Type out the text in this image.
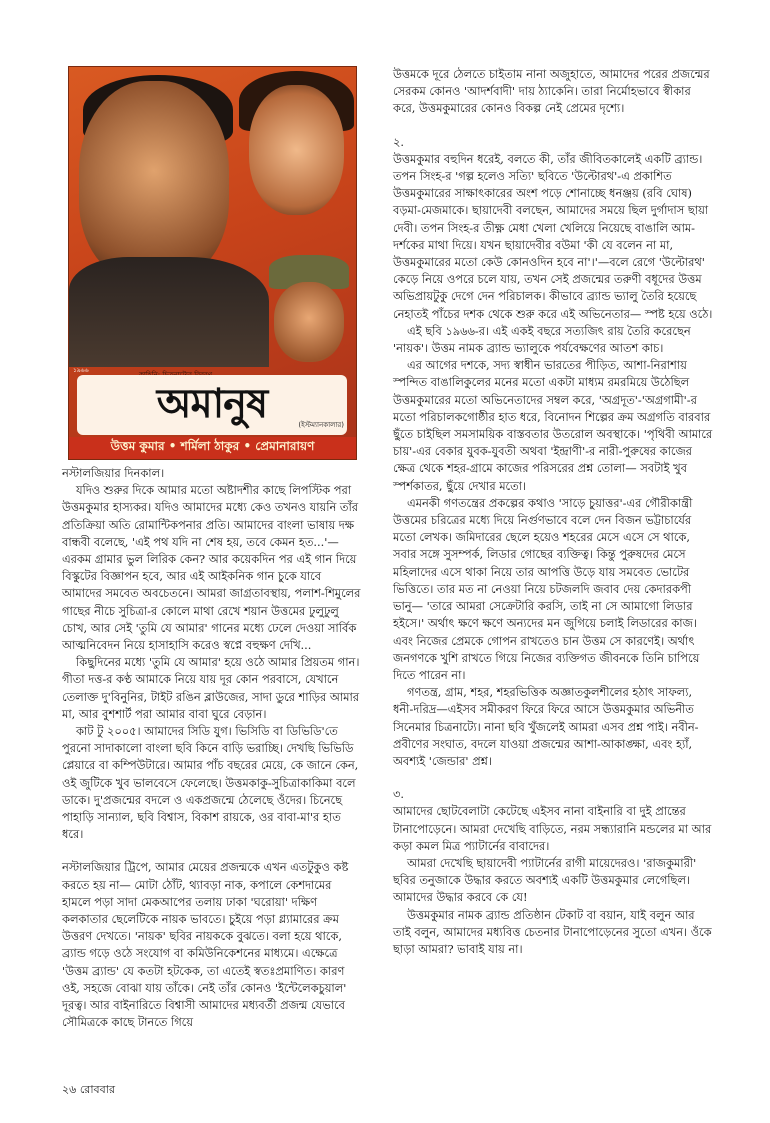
১৯৬৬
অমানুষ	(ইস্টম্যানকালার)
উত্তম কুমার • শর্মিলা ঠাকুর • প্রেমানারায়ণ

নস্টালজিয়ার দিনকাল।

যদিও শুরুর দিকে আমার মতো অষ্টাদশীর কাছে লিপস্টিক পরা উত্তমকুমার হাস্যকর। যদিও আমাদের মধ্যে কেও তখনও যায়নি তাঁর প্রতিক্রিয়া অতি রোমান্টিকপনার প্রতি। আমাদের বাংলা ভাষায় দক্ষ বান্ধবী বলেছে, 'এই পথ যদি না শেষ হয়, তবে কেমন হত...'— এরকম গ্রামার ভুল লিরিক কেন? আর কয়েকদিন পর এই গান দিয়ে বিস্কুটের বিজ্ঞাপন হবে, আর এই আইকনিক গান চুকে যাবে আমাদের সমবেত অবচেতনে। আমরা জাগ্রতাবস্থায়, পলাশ-শিমুলের গাছের নীচে সুচিত্রা-র কোলে মাথা রেখে শয়ান উত্তমের ঢুলুঢুলু চোখ, আর সেই 'তুমি যে আমার' গানের মধ্যে ঢেলে দেওয়া সার্বিক আত্মনিবেদন নিয়ে হাসাহাসি করেও স্বপ্নে বহুক্ষণ দেখি...

কিছুদিনের মধ্যে 'তুমি যে আমার' হয়ে ওঠে আমার প্রিয়তম গান। গীতা দত্ত-র কণ্ঠ আমাকে নিয়ে যায় দূর কোন পরবাসে, যেখানে তেলাক্ত দু'বিনুনির, টাইট রঙিন ব্লাউজের, সাদা ডুরে শাড়ির আমার মা, আর বুশশার্ট পরা আমার বাবা ঘুরে বেড়ান।

কাট টু ২০০৫। আমাদের সিডি যুগ। ভিসিডি বা ডিভিডি'তে পুরনো সাদাকালো বাংলা ছবি কিনে বাড়ি ভরাচ্ছি। দেখছি ভিভিডি প্লেয়ারে বা কম্পিউটারে। আমার পাঁচ বছরের মেয়ে, কে জানে কেন, ওই জুটিকে খুব ভালবেসে ফেলেছে। উত্তমকাকু-সুচিত্রাকাকিমা বলে ডাকে। দু'প্রজন্মের বদলে ও একপ্রজন্মে ঠেলেছে ওঁদের। চিনেছে পাহাড়ি সান্যাল, ছবি বিশ্বাস, বিকাশ রায়কে, ওর বাবা-মা'র হাত ধরে।

নস্টালজিয়ার ট্রিপে, আমার মেয়ের প্রজন্মকে এখন এতটুকুও কষ্ট করতে হয় না— মোটা ঠোঁট, থ্যাবড়া নাক, কপালে কেশদামের হামলে পড়া সাদা মেকআপের তলায় ঢাকা 'ঘরোয়া' দক্ষিণ কলকাতার ছেলেটিকে নায়ক ভাবতে। চুইয়ে পড়া গ্ল্যামারের ক্রম উত্তরণ দেখতে। 'নায়ক' ছবির নায়ককে বুঝতে। বলা হয়ে থাকে, ব্র্যান্ড গড়ে ওঠে সংযোগ বা কমিউনিকেশনের মাধ্যমে। এক্ষেত্রে 'উত্তম ব্র্যান্ড' যে কতটা হটকেক, তা এতেই স্বতঃপ্রমাণিত। কারণ ওই, সহজে বোঝা যায় তাঁকে। নেই তাঁর কোনও 'ইন্টেলেকচুয়াল' দূরত্ব। আর বাইনারিতে বিশ্বাসী আমাদের মধ্যবর্তী প্রজন্ম যেভাবে সৌমিত্রকে কাছে টানতে গিয়ে

উত্তমকে দূরে ঠেলতে চাইতাম নানা অজুহাতে, আমাদের পরের প্রজন্মের সেরকম কোনও 'আদর্শবাদী' দায় ঠ্যাকেনি। তারা নির্মোহভাবে স্বীকার করে, উত্তমকুমারের কোনও বিকল্প নেই প্রেমের দৃশ্যে।

২.

উত্তমকুমার বহুদিন ধরেই, বলতে কী, তাঁর জীবিতকালেই একটি ব্র্যান্ড। তপন সিংহ-র 'গল্প হলেও সত্যি' ছবিতে 'উল্টোরথ'-এ প্রকাশিত উত্তমকুমারের সাক্ষাৎকারের অংশ পড়ে শোনাচ্ছে ধনঞ্জয় (রবি ঘোষ) বড়মা-মেজমাকে। ছায়াদেবী বলছেন, আমাদের সময়ে ছিল দুর্গাদাস ছায়া দেবী। তপন সিংহ-র তীক্ষ্ণ মেধা খেলা খেলিয়ে নিয়েছে বাঙালি আম-দর্শকের মাথা দিয়ে। যখন ছায়াদেবীর বউমা 'কী যে বলেন না মা, উত্তমকুমারের মতো কেউ কোনওদিন হবে না'।'—বলে রেগে 'উল্টোরথ' কেড়ে নিয়ে ওপরে চলে যায়, তখন সেই প্রজন্মের তরুণী বধূদের উত্তম অভিপ্রায়টুকু দেগে দেন পরিচালক। কীভাবে ব্র্যান্ড ভ্যালু তৈরি হয়েছে নেহাতই পাঁচের দশক থেকে শুরু করে এই অভিনেতার— স্পষ্ট হয়ে ওঠে।

এই ছবি ১৯৬৬-র। এই একই বছরে সত্যজিৎ রায় তৈরি করেছেন 'নায়ক'। উত্তম নামক ব্র্যান্ড ভ্যালুকে পর্যবেক্ষণের আতশ কাচ।

এর আগের দশকে, সদ্য স্বাধীন ভারতের পীড়িত, আশা-নিরাশায় স্পন্দিত বাঙালিকুলের মনের মতো একটা মাধ্যম রমরমিয়ে উঠেছিল উত্তমকুমারের মতো অভিনেতাদের সম্বল করে, 'অগ্রদূত'-'অগ্রগামী'-র মতো পরিচালকগোষ্ঠীর হাত ধরে, বিনোদন শিল্পের ক্রম অগ্রগতি বারবার ছুঁতে চাইছিল সমসাময়িক বাস্তবতার উতরোল অবস্থাকে। 'পৃথিবী আমারে চায়'-এর বেকার যুবক-যুবতী অথবা 'ইন্দ্রাণী'-র নারী-পুরুষের কাজের ক্ষেত্র থেকে শহর-গ্রামে কাজের পরিসরের প্রশ্ন তোলা— সবটাই খুব স্পর্শকাতর, ছুঁয়ে দেখার মতো।

এমনকী গণতন্ত্রের প্রকল্পের কথাও 'সাড়ে চুয়াত্তর'-এর গৌরীকান্ত্রী উত্তমের চরিত্রের মধ্যে দিয়ে নির্গুণভাবে বলে দেন বিজন ভট্টাচার্যের মতো লেখক। জমিদারের ছেলে হয়েও শহরের মেসে এসে সে থাকে, সবার সঙ্গে সুসম্পর্ক, লিডার গোছের ব্যক্তিত্ব। কিন্তু পুরুষদের মেসে মহিলাদের এসে থাকা নিয়ে তার আপত্তি উড়ে যায় সমবেত ভোটের ভিত্তিতে। তার মত না নেওয়া নিয়ে চটজলদি জবাব দেয় কেদারকপী ভানু— 'তারে আমরা সেক্রেটারি করসি, তাই না সে আমাগো লিডার হইসে।' অর্থাৎ ক্ষণে ক্ষণে অন্যদের মন জুগিয়ে চলাই লিডারের কাজ। এবং নিজের প্রেমকে গোপন রাখতেও চান উত্তম সে কারণেই। অর্থাৎ জনগণকে খুশি রাখতে গিয়ে নিজের ব্যক্তিগত জীবনকে তিনি চাপিয়ে দিতে পারেন না।

গণতন্ত্র, গ্রাম, শহর, শহরভিত্তিক অজ্ঞাতকুলশীলের হঠাৎ সাফল্য, ধনী-দরিদ্র—এইসব সমীকরণ ফিরে ফিরে আসে উত্তমকুমার অভিনীত সিনেমার চিত্রনাট্যে। নানা ছবি খুঁজলেই আমরা এসব প্রশ্ন পাই। নবীন-প্রবীণের সংঘাত, বদলে যাওয়া প্রজন্মের আশা-আকাঙ্ক্ষা, এবং হ্যাঁ, অবশ্যই 'জেন্ডার' প্রশ্ন।

৩.

আমাদের ছোটবেলাটা কেটেছে এইসব নানা বাইনারি বা দুই প্রান্তের টানাপোড়েনে। আমরা দেখেছি বাড়িতে, নরম সন্ধ্যারানি মন্ডলের মা আর কড়া কমল মিত্র প্যাটার্নের বাবাদের।

আমরা দেখেছি ছায়াদেবী প্যাটার্নের রাগী মায়েদেরও। 'রাজকুমারী' ছবির তনুজাকে উদ্ধার করতে অবশ্যই একটি উত্তমকুমার লেগেছিল। আমাদের উদ্ধার করবে কে যে!

উত্তমকুমার নামক ব্র্যান্ড প্রতিষ্ঠান টেকাট বা বয়ান, যাই বলুন আর তাই বলুন, আমাদের মধ্যবিত্ত চেতনার টানাপোড়েনের সুতো এখন। ওঁকে ছাড়া আমরা? ভাবাই যায় না।

২৬ রোববার
